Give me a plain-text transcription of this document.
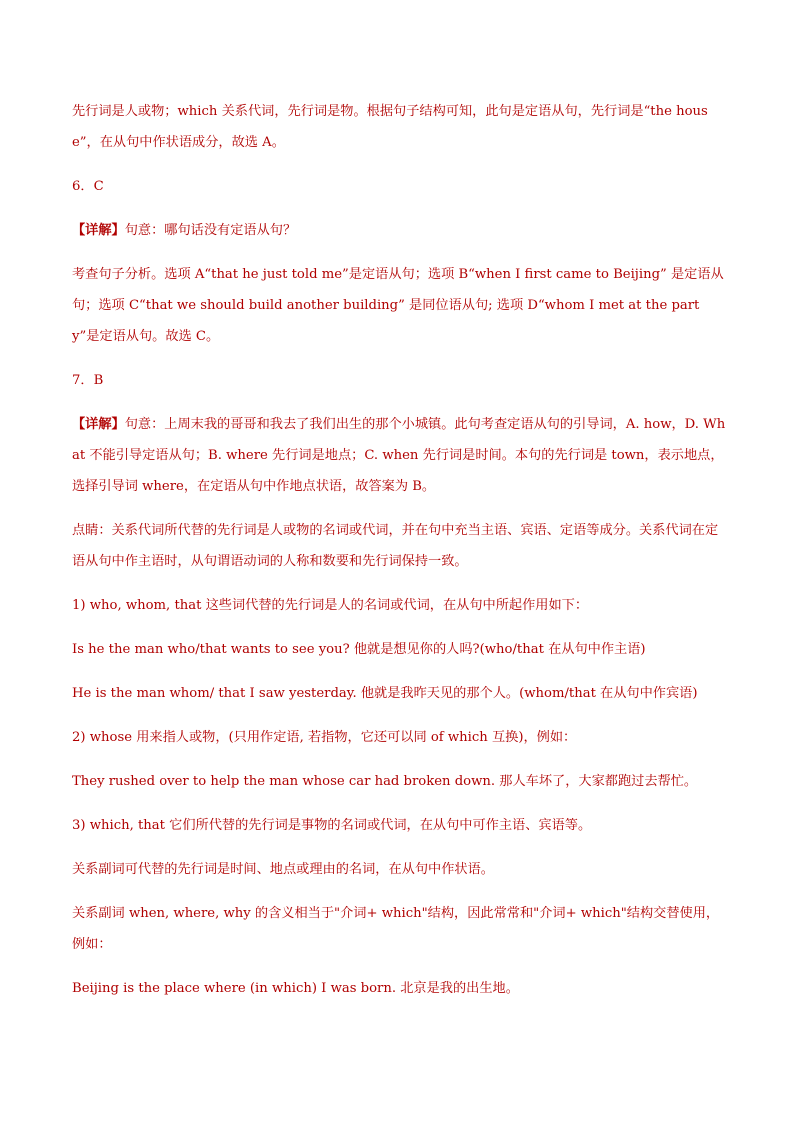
先行词是人或物；which 关系代词，先行词是物。根据句子结构可知，此句是定语从句，先行词是“the house”，在从句中作状语成分，故选 A。

6．C

【详解】句意：哪句话没有定语从句？

考查句子分析。选项 A“that he just told me”是定语从句；选项 B“when I first came to Beijing” 是定语从句；选项 C“that we should build another building” 是同位语从句; 选项 D“whom I met at the party”是定语从句。故选 C。

7．B

【详解】句意：上周末我的哥哥和我去了我们出生的那个小城镇。此句考查定语从句的引导词，A. how，D. What 不能引导定语从句；B. where 先行词是地点；C. when 先行词是时间。本句的先行词是 town，表示地点，选择引导词 where，在定语从句中作地点状语，故答案为 B。

点睛：关系代词所代替的先行词是人或物的名词或代词，并在句中充当主语、宾语、定语等成分。关系代词在定语从句中作主语时，从句谓语动词的人称和数要和先行词保持一致。

1) who, whom, that 这些词代替的先行词是人的名词或代词，在从句中所起作用如下：

Is he the man who/that wants to see you? 他就是想见你的人吗?(who/that 在从句中作主语)

He is the man whom/ that I saw yesterday. 他就是我昨天见的那个人。(whom/that 在从句中作宾语)

2) whose 用来指人或物，(只用作定语, 若指物，它还可以同 of which 互换)，例如：

They rushed over to help the man whose car had broken down. 那人车坏了，大家都跑过去帮忙。

3) which, that 它们所代替的先行词是事物的名词或代词，在从句中可作主语、宾语等。

关系副词可代替的先行词是时间、地点或理由的名词，在从句中作状语。

关系副词 when, where, why 的含义相当于"介词+ which"结构，因此常常和"介词+ which"结构交替使用，例如：

Beijing is the place where (in which) I was born. 北京是我的出生地。
